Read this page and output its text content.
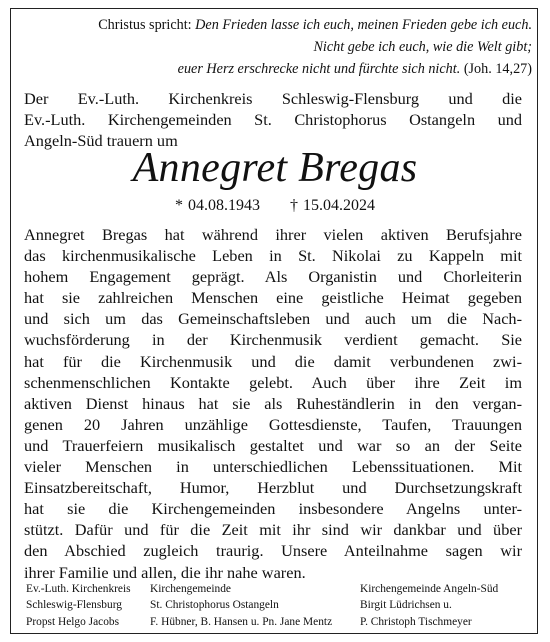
Christus spricht: Den Frieden lasse ich euch, meinen Frieden gebe ich euch.
Nicht gebe ich euch, wie die Welt gibt;
euer Herz erschrecke nicht und fürchte sich nicht. (Joh. 14,27)
Der Ev.-Luth. Kirchenkreis Schleswig-Flensburg und die
Ev.-Luth. Kirchengemeinden St. Christophorus Ostangeln und
Angeln-Süd trauern um
Annegret Bregas
* 04.08.1943 † 15.04.2024
Annegret Bregas hat während ihrer vielen aktiven Berufsjahre
das kirchenmusikalische Leben in St. Nikolai zu Kappeln mit
hohem Engagement geprägt. Als Organistin und Chorleiterin
hat sie zahlreichen Menschen eine geistliche Heimat gegeben
und sich um das Gemeinschaftsleben und auch um die Nach-
wuchsförderung in der Kirchenmusik verdient gemacht. Sie
hat für die Kirchenmusik und die damit verbundenen zwi-
schenmenschlichen Kontakte gelebt. Auch über ihre Zeit im
aktiven Dienst hinaus hat sie als Ruheständlerin in den vergan-
genen 20 Jahren unzählige Gottesdienste, Taufen, Trauungen
und Trauerfeiern musikalisch gestaltet und war so an der Seite
vieler Menschen in unterschiedlichen Lebenssituationen. Mit
Einsatzbereitschaft, Humor, Herzblut und Durchsetzungskraft
hat sie die Kirchengemeinden insbesondere Angelns unter-
stützt. Dafür und für die Zeit mit ihr sind wir dankbar und über
den Abschied zugleich traurig. Unsere Anteilnahme sagen wir
ihrer Familie und allen, die ihr nahe waren.
Ev.-Luth. Kirchenkreis
Schleswig-Flensburg
Propst Helgo Jacobs
Kirchengemeinde
St. Christophorus Ostangeln
F. Hübner, B. Hansen u. Pn. Jane Mentz
Kirchengemeinde Angeln-Süd
Birgit Lüdrichsen u.
P. Christoph Tischmeyer
